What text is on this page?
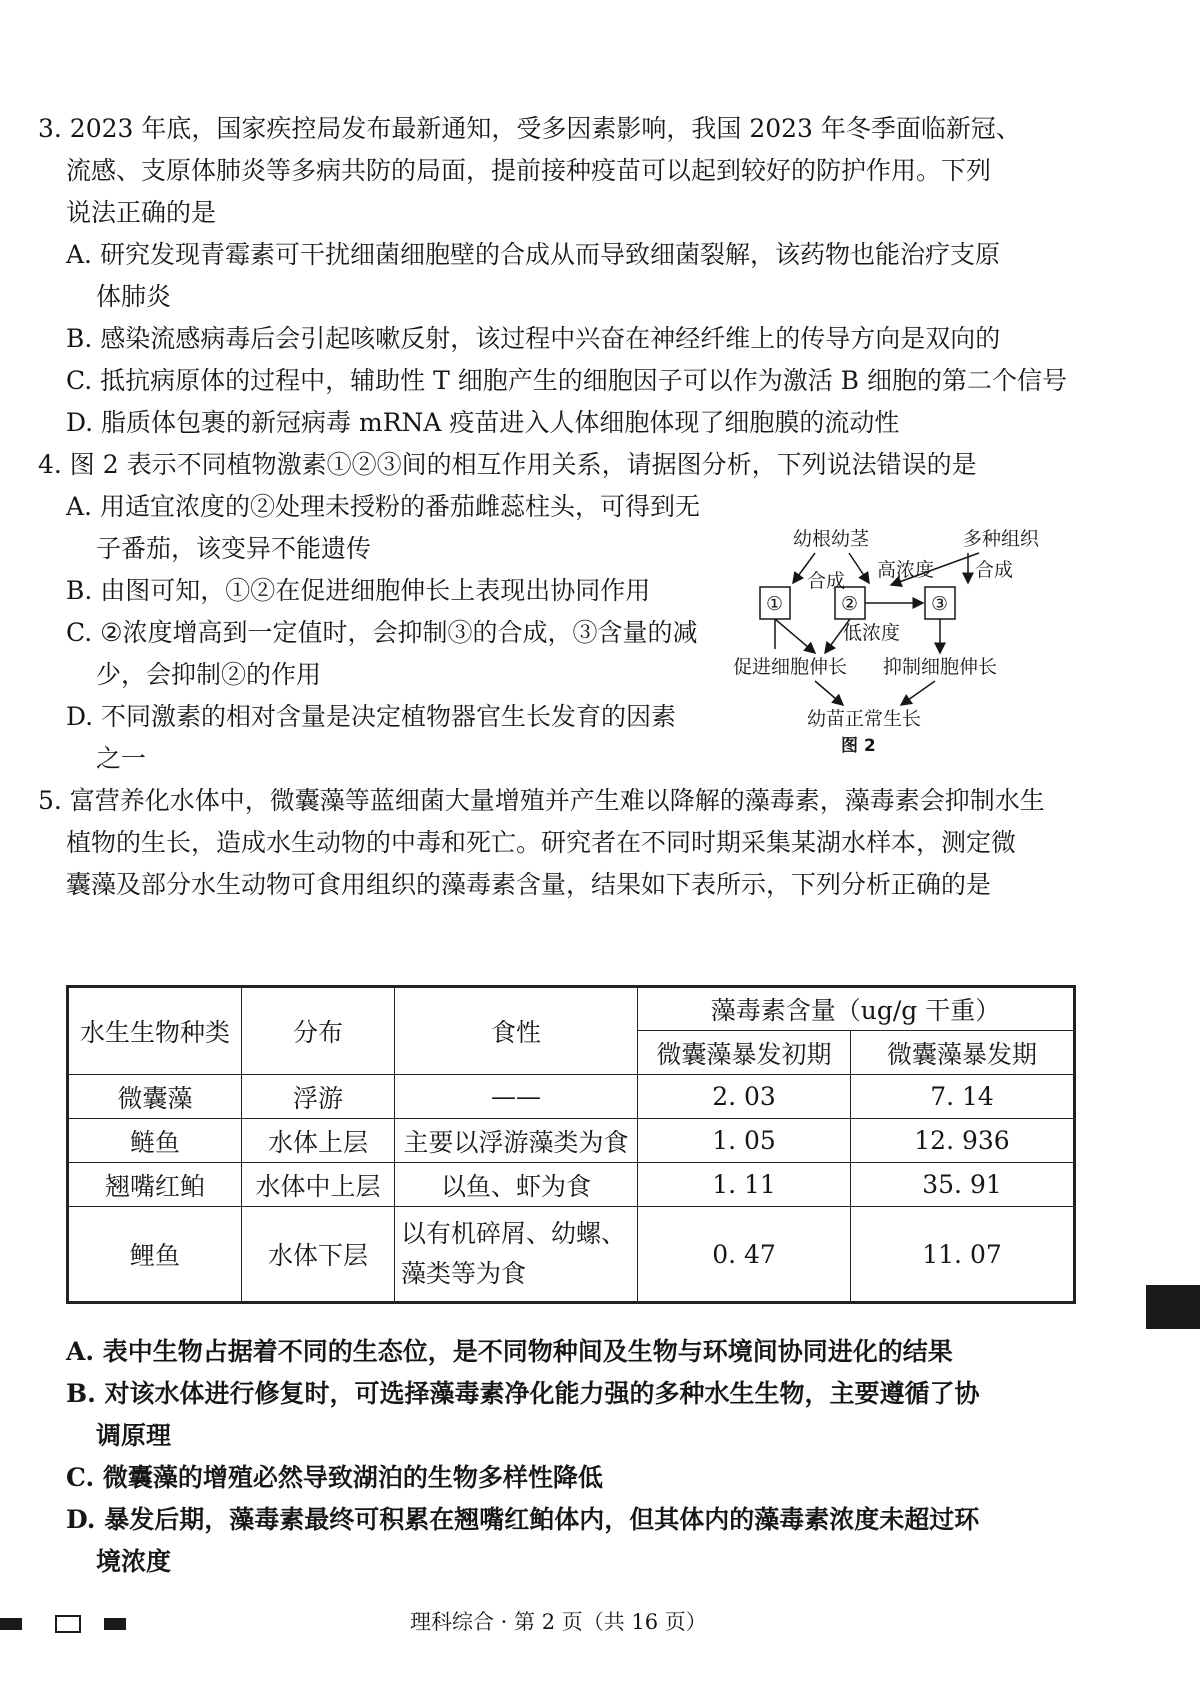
3. 2023 年底，国家疾控局发布最新通知，受多因素影响，我国 2023 年冬季面临新冠、
流感、支原体肺炎等多病共防的局面，提前接种疫苗可以起到较好的防护作用。下列
说法正确的是
A. 研究发现青霉素可干扰细菌细胞壁的合成从而导致细菌裂解，该药物也能治疗支原
体肺炎
B. 感染流感病毒后会引起咳嗽反射，该过程中兴奋在神经纤维上的传导方向是双向的
C. 抵抗病原体的过程中，辅助性 T 细胞产生的细胞因子可以作为激活 B 细胞的第二个信号
D. 脂质体包裹的新冠病毒 mRNA 疫苗进入人体细胞体现了细胞膜的流动性
4. 图 2 表示不同植物激素①②③间的相互作用关系，请据图分析，下列说法错误的是
A. 用适宜浓度的②处理未授粉的番茄雌蕊柱头，可得到无
子番茄，该变异不能遗传
B. 由图可知，①②在促进细胞伸长上表现出协同作用
C. ②浓度增高到一定值时，会抑制③的合成，③含量的减
少，会抑制②的作用
D. 不同激素的相对含量是决定植物器官生长发育的因素
之一
幼根幼茎	多种组织
合成 高浓度 合成
①	②	③
低浓度
促进细胞伸长 抑制细胞伸长
幼苗正常生长
图 2
5. 富营养化水体中，微囊藻等蓝细菌大量增殖并产生难以降解的藻毒素，藻毒素会抑制水生
植物的生长，造成水生动物的中毒和死亡。研究者在不同时期采集某湖水样本，测定微
囊藻及部分水生动物可食用组织的藻毒素含量，结果如下表所示，下列分析正确的是
水生生物种类	分布	食性	藻毒素含量（ug/g 干重）	
			微囊藻暴发初期	微囊藻暴发期
微囊藻	浮游	——	2. 03	7. 14
鲢鱼	水体上层	主要以浮游藻类为食	1. 05	12. 936
翘嘴红鲌	水体中上层	以鱼、虾为食	1. 11	35. 91
鲤鱼	水体下层	以有机碎屑、幼螺、
藻类等为食	0. 47	11. 07
A. 表中生物占据着不同的生态位，是不同物种间及生物与环境间协同进化的结果
B. 对该水体进行修复时，可选择藻毒素净化能力强的多种水生生物，主要遵循了协
调原理
C. 微囊藻的增殖必然导致湖泊的生物多样性降低
D. 暴发后期，藻毒素最终可积累在翘嘴红鲌体内，但其体内的藻毒素浓度未超过环
境浓度
理科综合 · 第 2 页（共 16 页）
